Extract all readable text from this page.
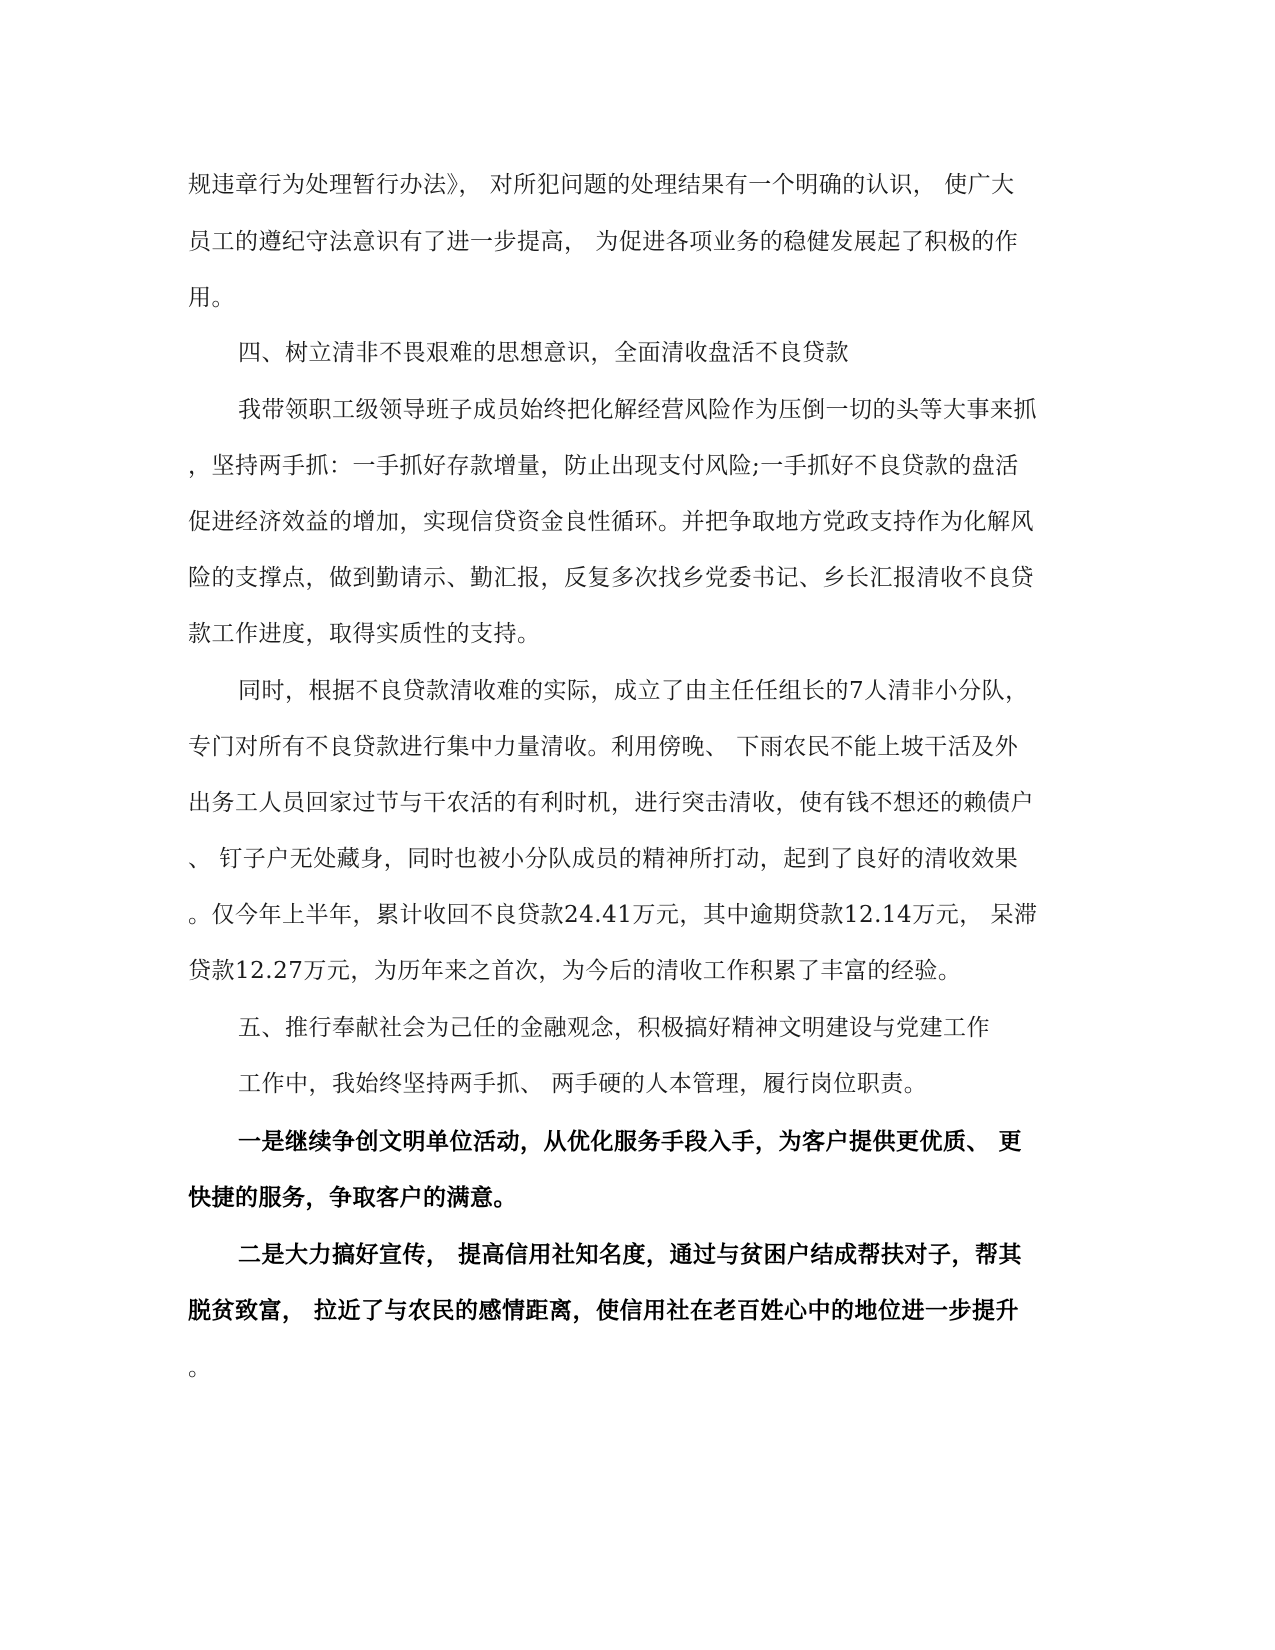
规违章行为处理暂行办法》， 对所犯问题的处理结果有一个明确的认识， 使广大
员工的遵纪守法意识有了进一步提高， 为促进各项业务的稳健发展起了积极的作
用。
四、树立清非不畏艰难的思想意识，全面清收盘活不良贷款
我带领职工级领导班子成员始终把化解经营风险作为压倒一切的头等大事来抓
，坚持两手抓：一手抓好存款增量，防止出现支付风险;一手抓好不良贷款的盘活
促进经济效益的增加，实现信贷资金良性循环。并把争取地方党政支持作为化解风
险的支撑点，做到勤请示、勤汇报，反复多次找乡党委书记、乡长汇报清收不良贷
款工作进度，取得实质性的支持。
同时，根据不良贷款清收难的实际，成立了由主任任组长的7人清非小分队，
专门对所有不良贷款进行集中力量清收。利用傍晚、 下雨农民不能上坡干活及外
出务工人员回家过节与干农活的有利时机，进行突击清收，使有钱不想还的赖债户
、 钉子户无处藏身，同时也被小分队成员的精神所打动，起到了良好的清收效果
。仅今年上半年，累计收回不良贷款24.41万元，其中逾期贷款12.14万元， 呆滞
贷款12.27万元，为历年来之首次，为今后的清收工作积累了丰富的经验。
五、推行奉献社会为己任的金融观念，积极搞好精神文明建设与党建工作
工作中，我始终坚持两手抓、 两手硬的人本管理，履行岗位职责。
一是继续争创文明单位活动，从优化服务手段入手，为客户提供更优质、 更
快捷的服务，争取客户的满意。
二是大力搞好宣传， 提高信用社知名度，通过与贫困户结成帮扶对子，帮其
脱贫致富， 拉近了与农民的感情距离，使信用社在老百姓心中的地位进一步提升
。
